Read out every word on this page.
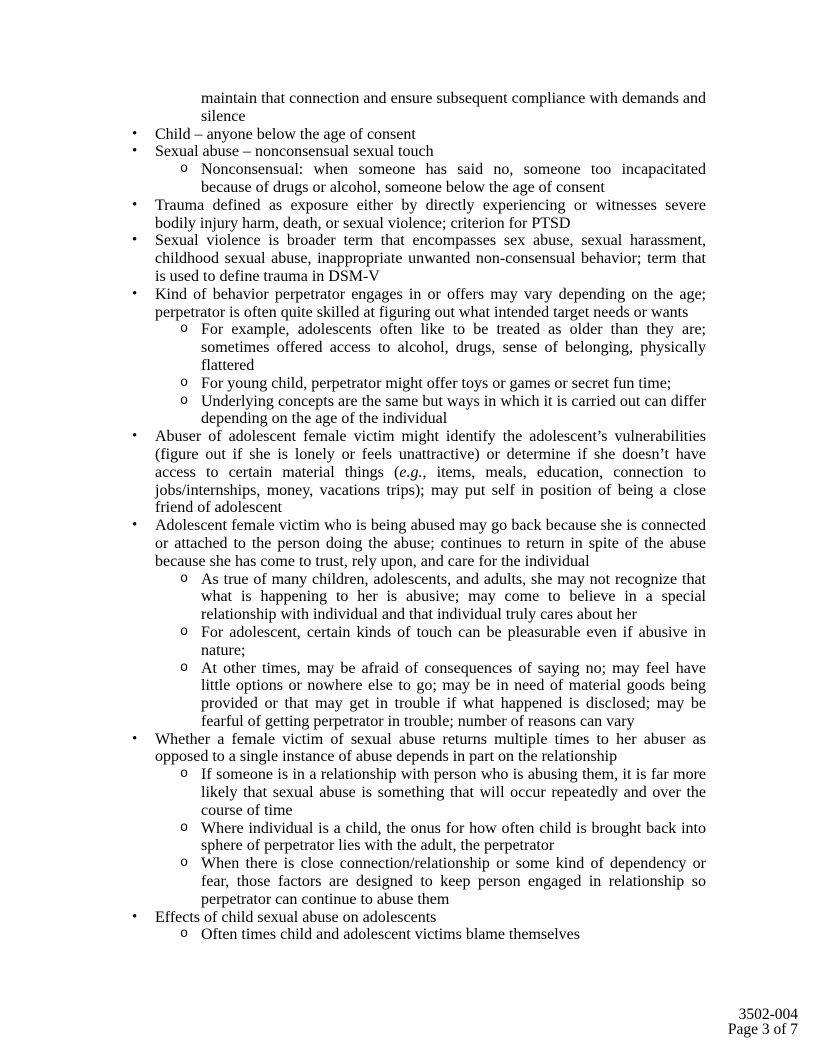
maintain that connection and ensure subsequent compliance with demands and silence
• Child – anyone below the age of consent
• Sexual abuse – nonconsensual sexual touch
o Nonconsensual: when someone has said no, someone too incapacitated because of drugs or alcohol, someone below the age of consent
• Trauma defined as exposure either by directly experiencing or witnesses severe bodily injury harm, death, or sexual violence; criterion for PTSD
• Sexual violence is broader term that encompasses sex abuse, sexual harassment, childhood sexual abuse, inappropriate unwanted non-consensual behavior; term that is used to define trauma in DSM-V
• Kind of behavior perpetrator engages in or offers may vary depending on the age; perpetrator is often quite skilled at figuring out what intended target needs or wants
o For example, adolescents often like to be treated as older than they are; sometimes offered access to alcohol, drugs, sense of belonging, physically flattered
o For young child, perpetrator might offer toys or games or secret fun time;
o Underlying concepts are the same but ways in which it is carried out can differ depending on the age of the individual
• Abuser of adolescent female victim might identify the adolescent’s vulnerabilities (figure out if she is lonely or feels unattractive) or determine if she doesn’t have access to certain material things (e.g., items, meals, education, connection to jobs/internships, money, vacations trips); may put self in position of being a close friend of adolescent
• Adolescent female victim who is being abused may go back because she is connected or attached to the person doing the abuse; continues to return in spite of the abuse because she has come to trust, rely upon, and care for the individual
o As true of many children, adolescents, and adults, she may not recognize that what is happening to her is abusive; may come to believe in a special relationship with individual and that individual truly cares about her
o For adolescent, certain kinds of touch can be pleasurable even if abusive in nature;
o At other times, may be afraid of consequences of saying no; may feel have little options or nowhere else to go; may be in need of material goods being provided or that may get in trouble if what happened is disclosed; may be fearful of getting perpetrator in trouble; number of reasons can vary
• Whether a female victim of sexual abuse returns multiple times to her abuser as opposed to a single instance of abuse depends in part on the relationship
o If someone is in a relationship with person who is abusing them, it is far more likely that sexual abuse is something that will occur repeatedly and over the course of time
o Where individual is a child, the onus for how often child is brought back into sphere of perpetrator lies with the adult, the perpetrator
o When there is close connection/relationship or some kind of dependency or fear, those factors are designed to keep person engaged in relationship so perpetrator can continue to abuse them
• Effects of child sexual abuse on adolescents
o Often times child and adolescent victims blame themselves
3502-004
Page 3 of 7
